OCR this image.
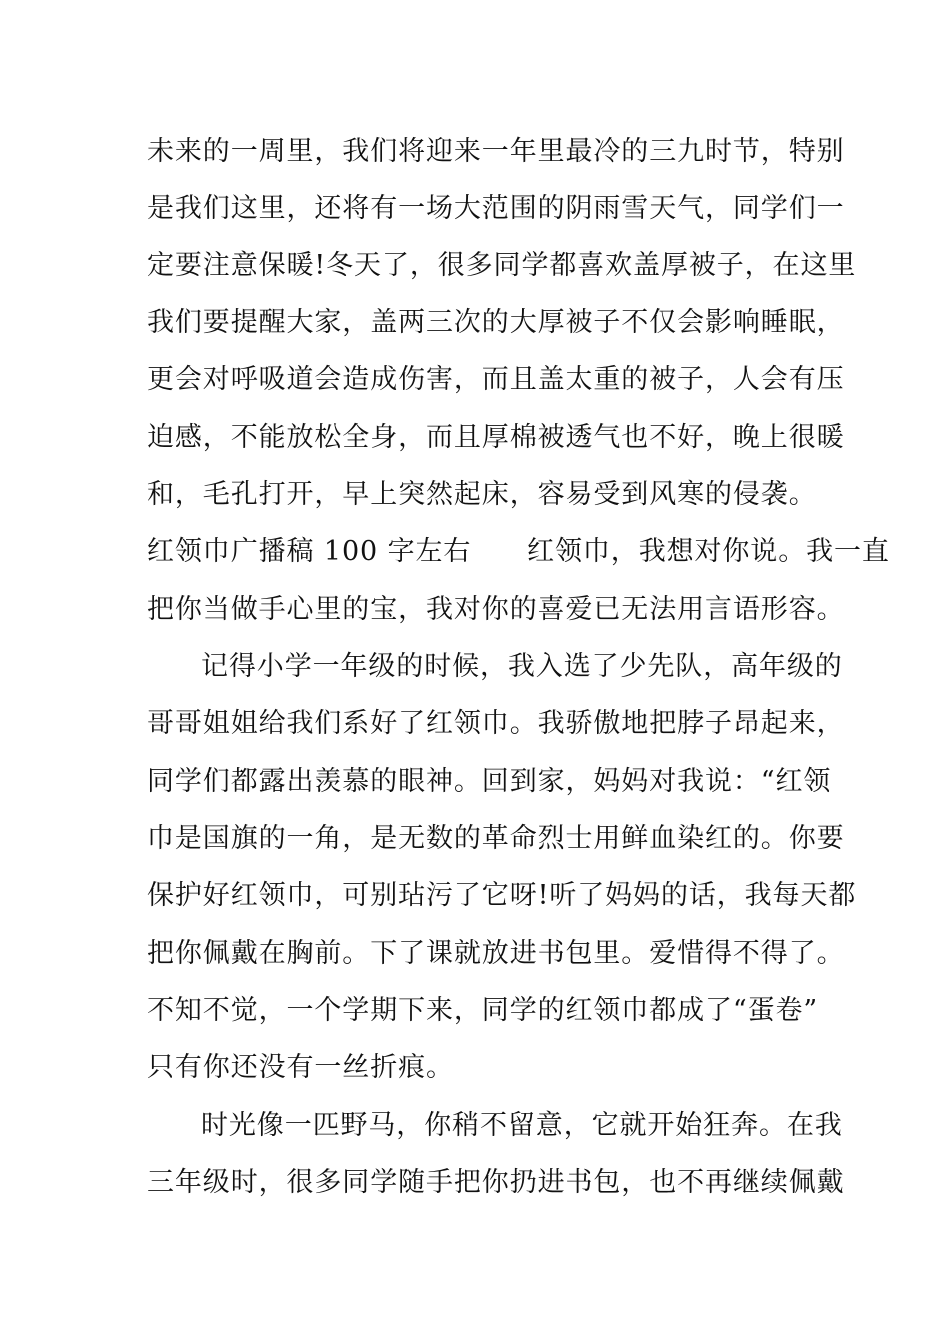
未来的一周里，我们将迎来一年里最冷的三九时节，特别
是我们这里，还将有一场大范围的阴雨雪天气，同学们一
定要注意保暖!冬天了，很多同学都喜欢盖厚被子，在这里
我们要提醒大家，盖两三次的大厚被子不仅会影响睡眠，
更会对呼吸道会造成伤害，而且盖太重的被子，人会有压
迫感，不能放松全身，而且厚棉被透气也不好，晚上很暖
和，毛孔打开，早上突然起床，容易受到风寒的侵袭。
红领巾广播稿 100 字左右　　红领巾，我想对你说。我一直
把你当做手心里的宝，我对你的喜爱已无法用言语形容。
记得小学一年级的时候，我入选了少先队，高年级的
哥哥姐姐给我们系好了红领巾。我骄傲地把脖子昂起来，
同学们都露出羡慕的眼神。回到家，妈妈对我说：“红领
巾是国旗的一角，是无数的革命烈士用鲜血染红的。你要
保护好红领巾，可别玷污了它呀!听了妈妈的话，我每天都
把你佩戴在胸前。下了课就放进书包里。爱惜得不得了。
不知不觉，一个学期下来，同学的红领巾都成了“蛋卷”
只有你还没有一丝折痕。
时光像一匹野马，你稍不留意，它就开始狂奔。在我
三年级时，很多同学随手把你扔进书包，也不再继续佩戴
